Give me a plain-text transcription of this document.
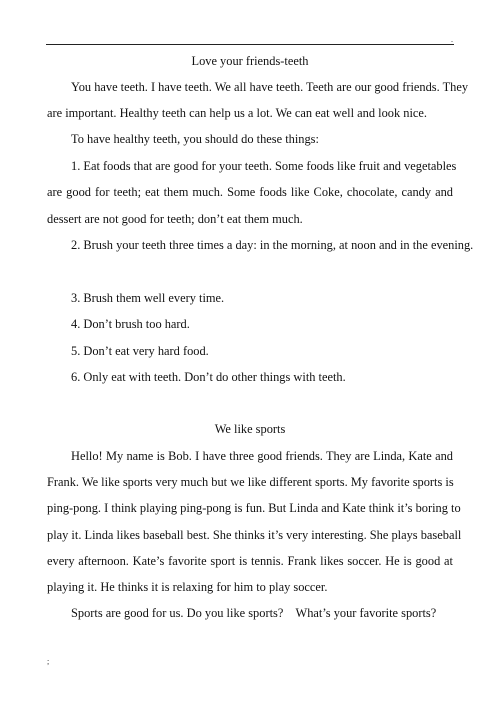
.
Love your friends-teeth
You have teeth. I have teeth. We all have teeth. Teeth are our good friends. They
are important. Healthy teeth can help us a lot. We can eat well and look nice.
To have healthy teeth, you should do these things:
1. Eat foods that are good for your teeth. Some foods like fruit and vegetables
are good for teeth; eat them much. Some foods like Coke, chocolate, candy and
dessert are not good for teeth; don’t eat them much.
2. Brush your teeth three times a day: in the morning, at noon and in the evening.
3. Brush them well every time.
4. Don’t brush too hard.
5. Don’t eat very hard food.
6. Only eat with teeth. Don’t do other things with teeth.
We like sports
Hello! My name is Bob. I have three good friends. They are Linda, Kate and
Frank. We like sports very much but we like different sports. My favorite sports is
ping-pong. I think playing ping-pong is fun. But Linda and Kate think it’s boring to
play it. Linda likes baseball best. She thinks it’s very interesting. She plays baseball
every afternoon. Kate’s favorite sport is tennis. Frank likes soccer. He is good at
playing it. He thinks it is relaxing for him to play soccer.
Sports are good for us. Do you like sports?    What’s your favorite sports?
;
